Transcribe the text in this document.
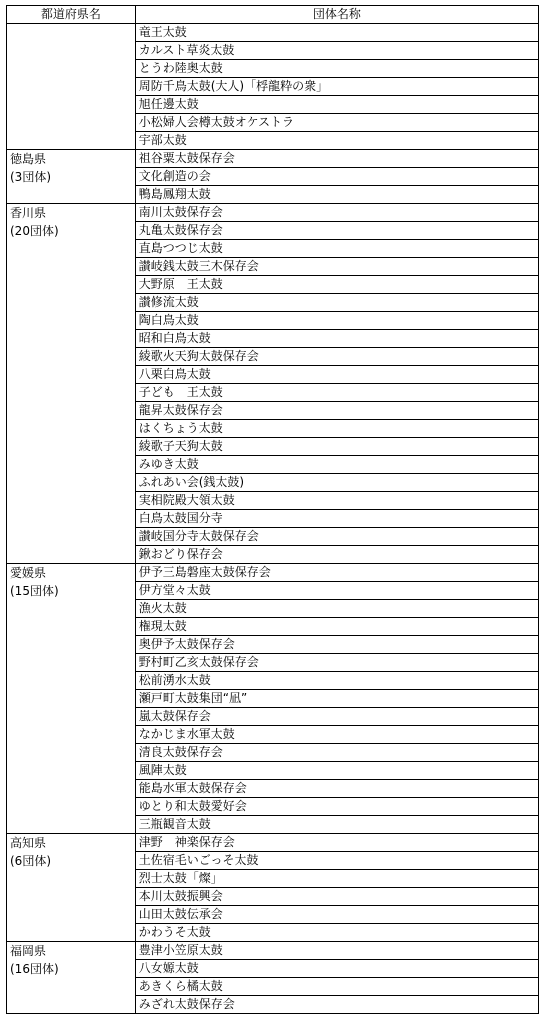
都道府県名	団体名称

	竜王太鼓
	カルスト草炎太鼓
	とうわ陸奥太鼓
	周防千鳥太鼓(大人)「桴龍粋の衆」
	旭任邊太鼓
	小松婦人会樽太鼓オケストラ
	宇部太鼓

徳島県
(3団体)	祖谷粟太鼓保存会
	文化創造の会
	鴨島鳳翔太鼓

香川県
(20団体)	南川太鼓保存会
	丸亀太鼓保存会
	直島つつじ太鼓
	讃岐銭太鼓三木保存会
	大野原　王太鼓
	讃修流太鼓
	陶白鳥太鼓
	昭和白鳥太鼓
	綾歌火天狗太鼓保存会
	八栗白鳥太鼓
	子ども　王太鼓
	龍昇太鼓保存会
	はくちょう太鼓
	綾歌子天狗太鼓
	みゆき太鼓
	ふれあい会(銭太鼓)
	実相院殿大領太鼓
	白鳥太鼓国分寺
	讃岐国分寺太鼓保存会
	鍬おどり保存会

愛媛県
(15団体)	伊予三島磐座太鼓保存会
	伊方堂々太鼓
	漁火太鼓
	権現太鼓
	奥伊予太鼓保存会
	野村町乙亥太鼓保存会
	松前湧水太鼓
	瀬戸町太鼓集団“凪”
	嵐太鼓保存会
	なかじま水軍太鼓
	清良太鼓保存会
	風陣太鼓
	能島水軍太鼓保存会
	ゆとり和太鼓愛好会
	三瓶観音太鼓

高知県
(6団体)	津野　神楽保存会
	土佐宿毛いごっそ太鼓
	烈士太鼓「燦」
	本川太鼓振興会
	山田太鼓伝承会
	かわうそ太鼓

福岡県
(16団体)	豊津小笠原太鼓
	八女嫄太鼓
	あきくら橘太鼓
	みざれ太鼓保存会
